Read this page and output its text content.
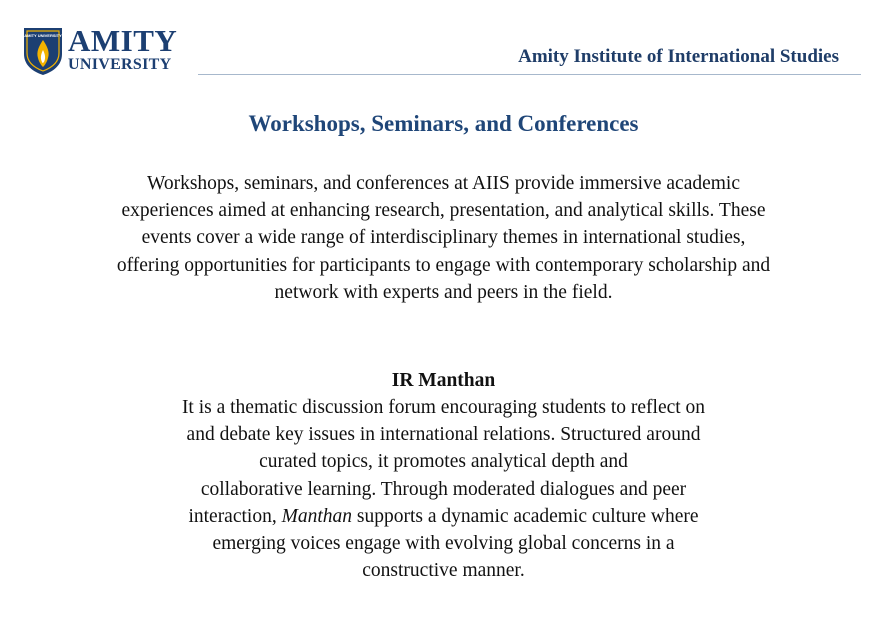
AMITY UNIVERSITY AMITY
UNIVERSITY	Amity Institute of International Studies
Workshops, Seminars, and Conferences
Workshops, seminars, and conferences at AIIS provide immersive academic experiences aimed at enhancing research, presentation, and analytical skills. These events cover a wide range of interdisciplinary themes in international studies, offering opportunities for participants to engage with contemporary scholarship and network with experts and peers in the field.
IR Manthan
It is a thematic discussion forum encouraging students to reflect on
and debate key issues in international relations. Structured around
curated topics, it promotes analytical depth and
collaborative learning. Through moderated dialogues and peer
interaction, Manthan supports a dynamic academic culture where
emerging voices engage with evolving global concerns in a
constructive manner.
